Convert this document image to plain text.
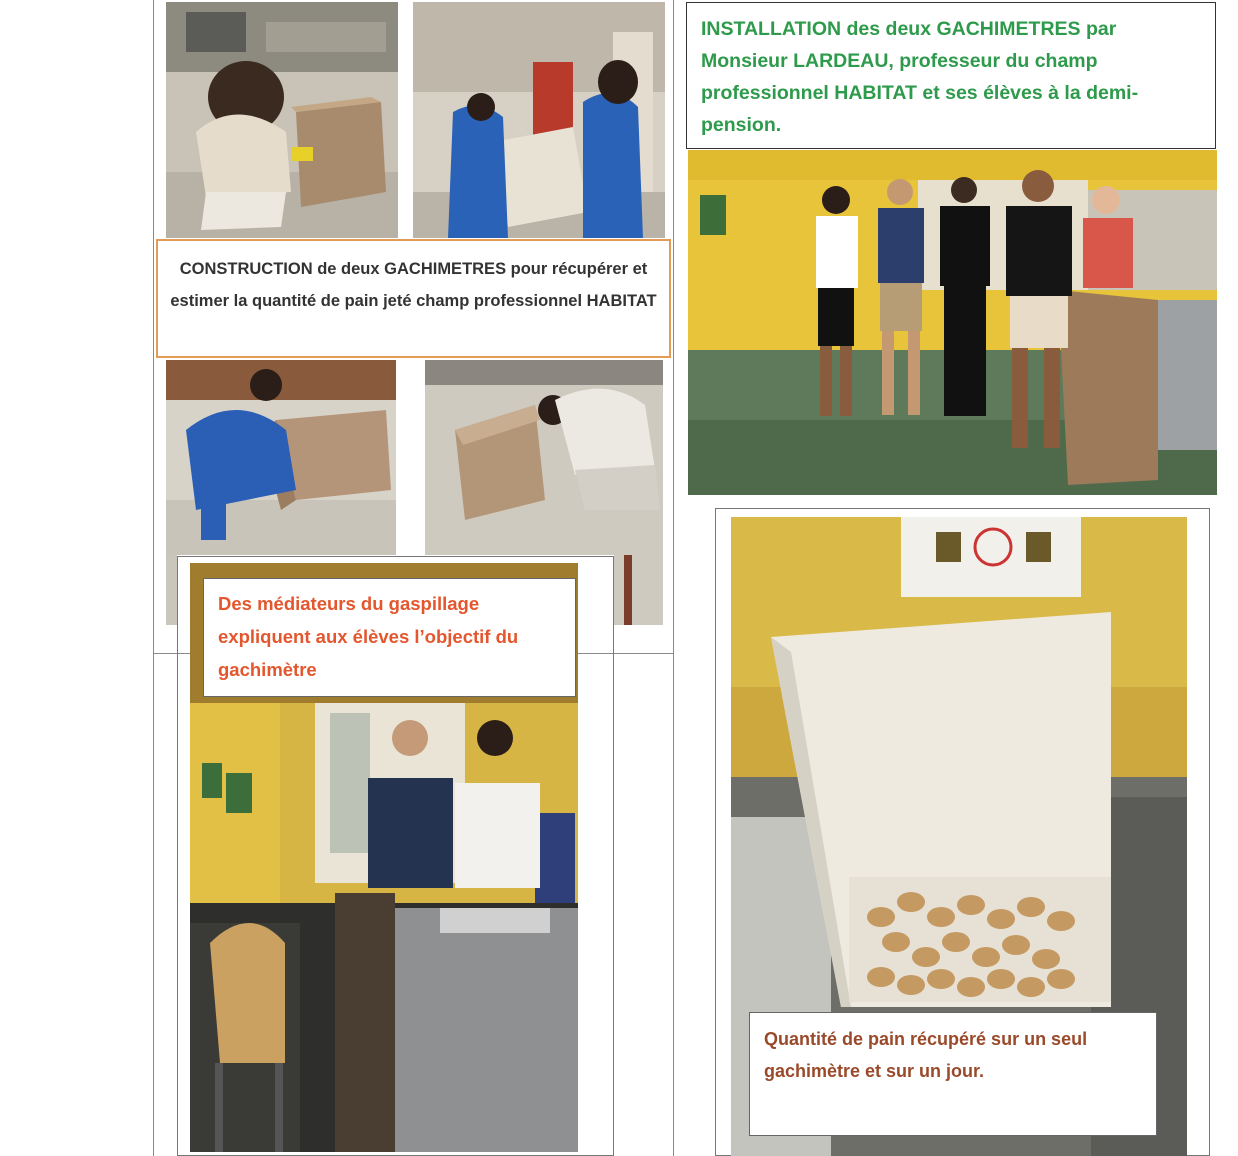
INSTALLATION des deux GACHIMETRES par Monsieur LARDEAU, professeur du champ professionnel HABITAT et ses élèves à la demi-pension.

CONSTRUCTION de deux GACHIMETRES pour récupérer et estimer la quantité de pain jeté champ professionnel HABITAT

Des médiateurs du gaspillage expliquent aux élèves l’objectif du gachimètre

Quantité de pain récupéré sur un seul gachimètre et sur un jour.
